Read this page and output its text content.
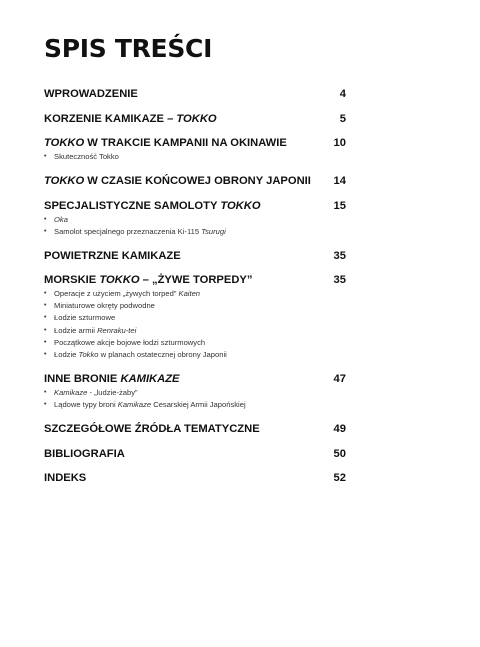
SPIS TREŚCI
WPROWADZENIE	4
KORZENIE KAMIKAZE – TOKKO	5
TOKKO W TRAKCIE KAMPANII NA OKINAWIE	10
• Skuteczność Tokko
TOKKO W CZASIE KOŃCOWEJ OBRONY JAPONII 14
SPECJALISTYCZNE SAMOLOTY TOKKO	15
• Oka
• Samolot specjalnego przeznaczenia Ki-115 Tsurugi
POWIETRZNE KAMIKAZE	35
MORSKIE TOKKO – „ŻYWE TORPEDY”	35
• Operacje z użyciem „żywych torped” Kaiten
• Miniaturowe okręty podwodne
• Łodzie szturmowe
• Łodzie armii Renraku-tei
• Początkowe akcje bojowe łodzi szturmowych
• Łodzie Tokko w planach ostatecznej obrony Japonii
INNE BRONIE KAMIKAZE	47
• Kamikaze - „ludzie-żaby”
• Lądowe typy broni Kamikaze Cesarskiej Armii Japońskiej
SZCZEGÓŁOWE ŹRÓDŁA TEMATYCZNE	49
BIBLIOGRAFIA	50
INDEKS	52
